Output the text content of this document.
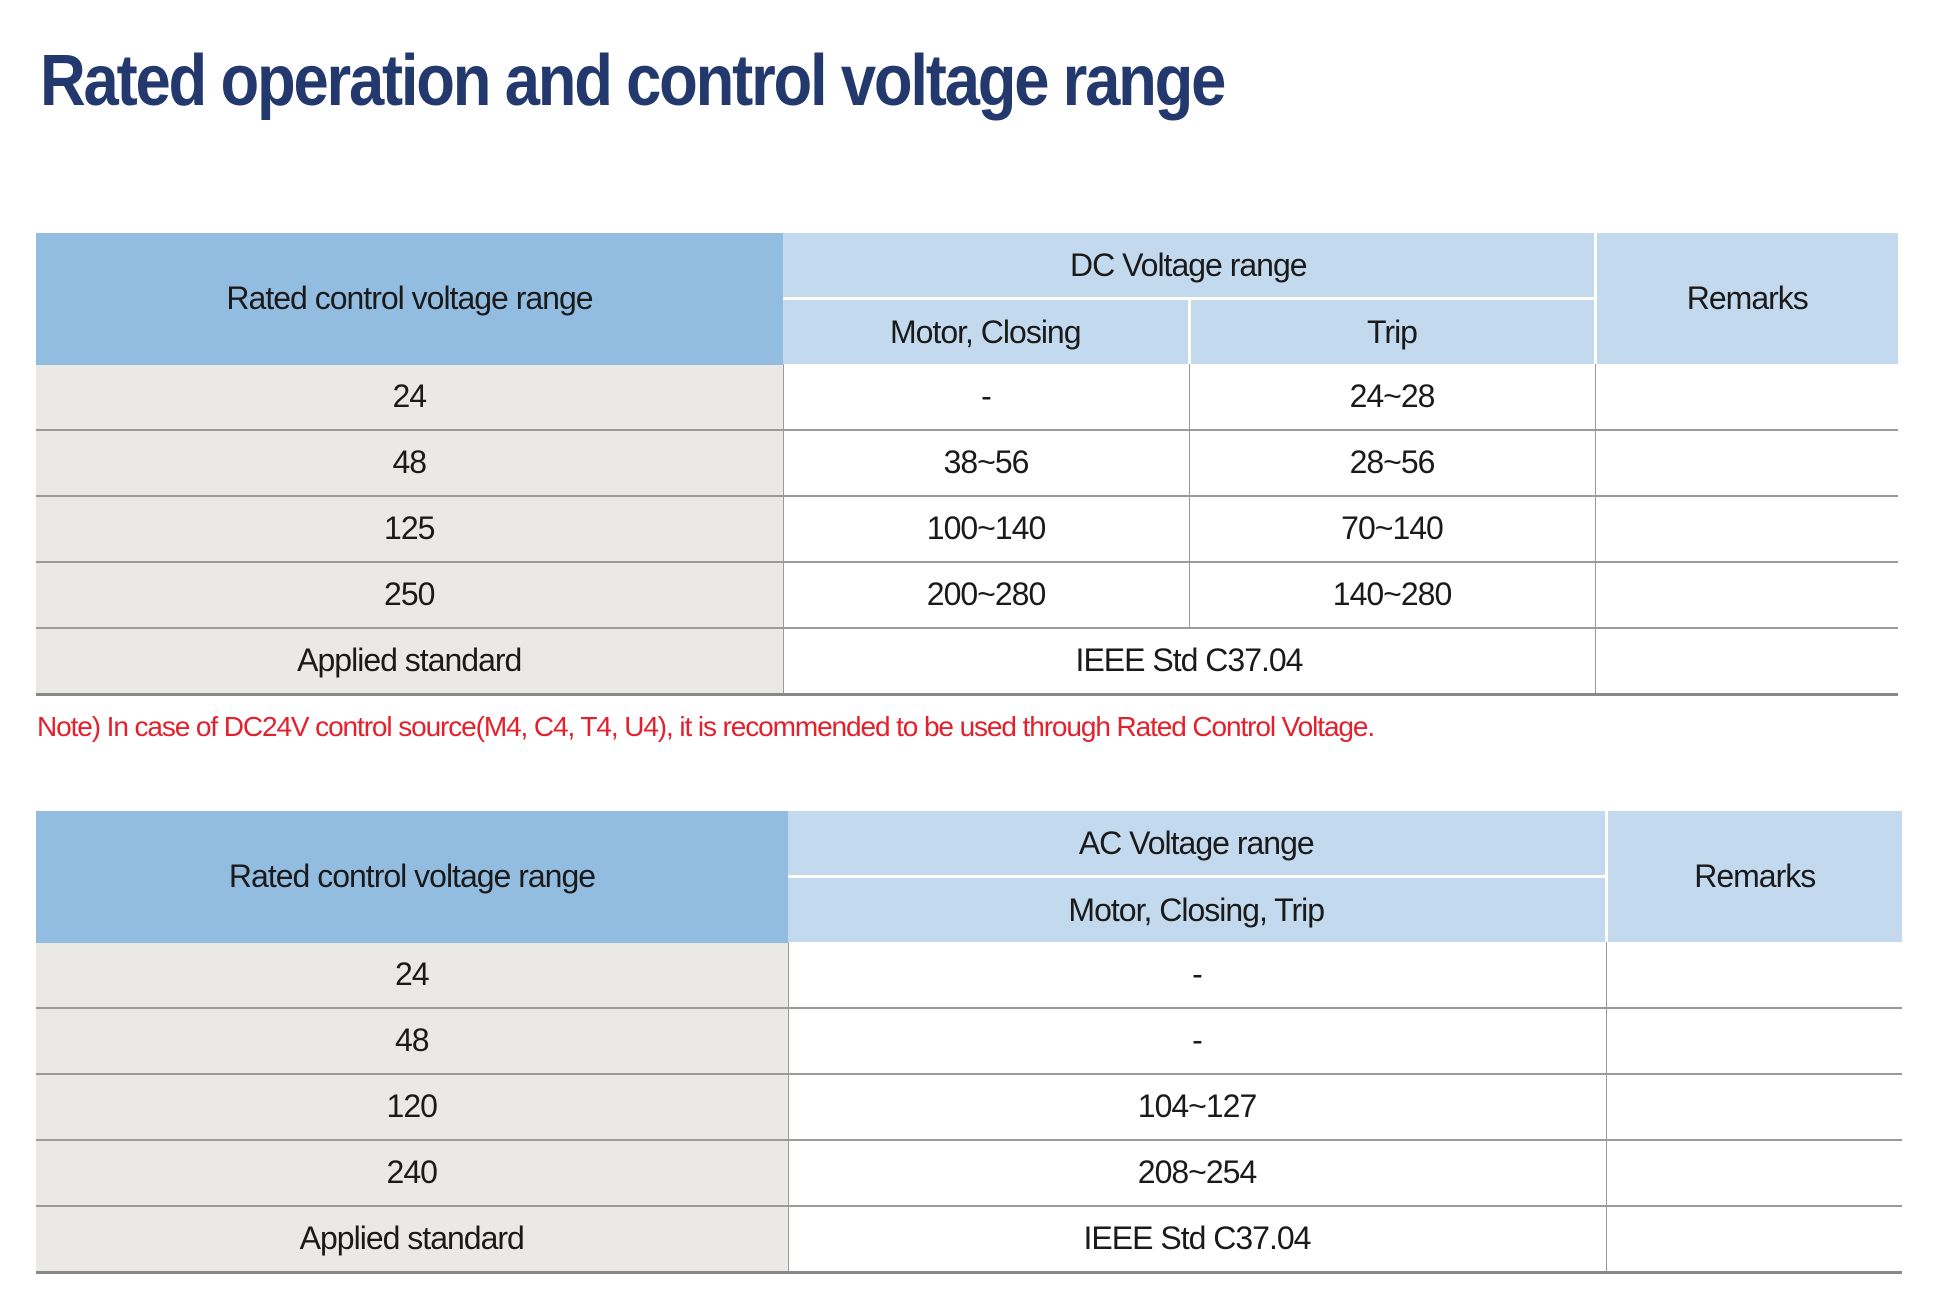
Rated operation and control voltage range
Rated control voltage range	DC Voltage range		Remarks
	Motor, Closing	Trip	
24	-	24~28	
48	38~56	28~56	
125	100~140	70~140	
250	200~280	140~280	
Applied standard	IEEE Std C37.04		

Note) In case of DC24V control source(M4, C4, T4, U4), it is recommended to be used through Rated Control Voltage.

Rated control voltage range	AC Voltage range	Remarks
	Motor, Closing, Trip	
24	-	
48	-	
120	104~127	
240	208~254	
Applied standard	IEEE Std C37.04	
